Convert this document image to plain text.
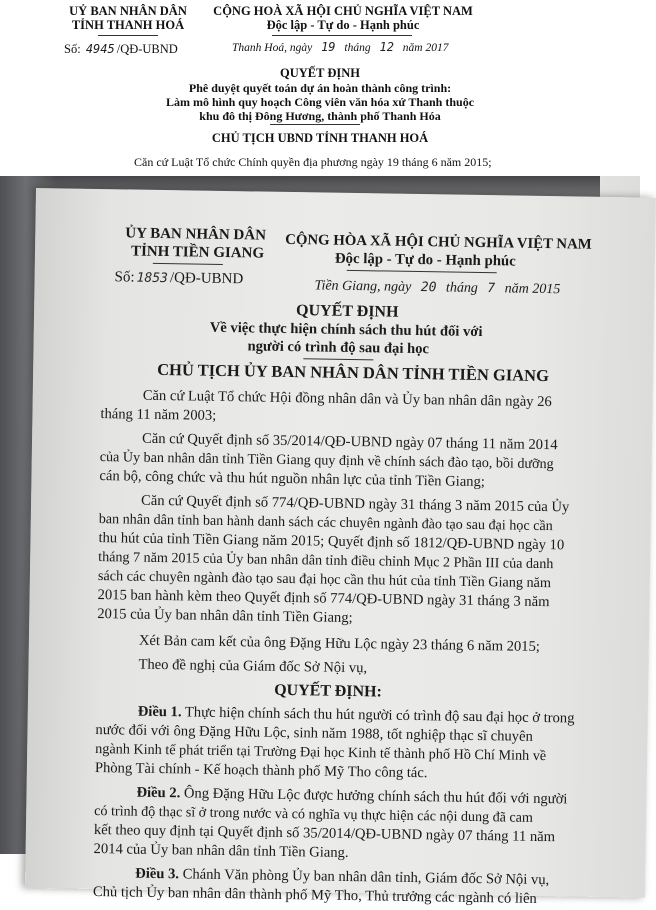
UỶ BAN NHÂN DÂN
TỈNH THANH HOÁ
Số: 4945 /QĐ-UBND
CỘNG HOÀ XÃ HỘI CHỦ NGHĨA VIỆT NAM
Độc lập - Tự do - Hạnh phúc
Thanh Hoá, ngày 19 tháng 12 năm 2017
QUYẾT ĐỊNH
Phê duyệt quyết toán dự án hoàn thành công trình:
Làm mô hình quy hoạch Công viên văn hóa xứ Thanh thuộc
khu đô thị Đông Hương, thành phố Thanh Hóa
CHỦ TỊCH UBND TỈNH THANH HOÁ
Căn cứ Luật Tổ chức Chính quyền địa phương ngày 19 tháng 6 năm 2015;
ỦY BAN NHÂN DÂN
TỈNH TIỀN GIANG
Số: 1853 /QĐ-UBND
CỘNG HÒA XÃ HỘI CHỦ NGHĨA VIỆT NAM
Độc lập - Tự do - Hạnh phúc
Tiền Giang, ngày 20 tháng 7 năm 2015
QUYẾT ĐỊNH
Về việc thực hiện chính sách thu hút đối với
người có trình độ sau đại học
CHỦ TỊCH ỦY BAN NHÂN DÂN TỈNH TIỀN GIANG
Căn cứ Luật Tổ chức Hội đồng nhân dân và Ủy ban nhân dân ngày 26
tháng 11 năm 2003;
Căn cứ Quyết định số 35/2014/QĐ-UBND ngày 07 tháng 11 năm 2014
của Ủy ban nhân dân tỉnh Tiền Giang quy định về chính sách đào tạo, bồi dưỡng
cán bộ, công chức và thu hút nguồn nhân lực của tỉnh Tiền Giang;
Căn cứ Quyết định số 774/QĐ-UBND ngày 31 tháng 3 năm 2015 của Ủy
ban nhân dân tỉnh ban hành danh sách các chuyên ngành đào tạo sau đại học cần
thu hút của tỉnh Tiền Giang năm 2015; Quyết định số 1812/QĐ-UBND ngày 10
tháng 7 năm 2015 của Ủy ban nhân dân tỉnh điều chỉnh Mục 2 Phần III của danh
sách các chuyên ngành đào tạo sau đại học cần thu hút của tỉnh Tiền Giang năm
2015 ban hành kèm theo Quyết định số 774/QĐ-UBND ngày 31 tháng 3 năm
2015 của Ủy ban nhân dân tỉnh Tiền Giang;
Xét Bản cam kết của ông Đặng Hữu Lộc ngày 23 tháng 6 năm 2015;
Theo đề nghị của Giám đốc Sở Nội vụ,
QUYẾT ĐỊNH:
Điều 1. Thực hiện chính sách thu hút người có trình độ sau đại học ở trong
nước đối với ông Đặng Hữu Lộc, sinh năm 1988, tốt nghiệp thạc sĩ chuyên
ngành Kinh tế phát triển tại Trường Đại học Kinh tế thành phố Hồ Chí Minh về
Phòng Tài chính - Kế hoạch thành phố Mỹ Tho công tác.
Điều 2. Ông Đặng Hữu Lộc được hưởng chính sách thu hút đối với người
có trình độ thạc sĩ ở trong nước và có nghĩa vụ thực hiện các nội dung đã cam
kết theo quy định tại Quyết định số 35/2014/QĐ-UBND ngày 07 tháng 11 năm
2014 của Ủy ban nhân dân tỉnh Tiền Giang.
Điều 3. Chánh Văn phòng Ủy ban nhân dân tỉnh, Giám đốc Sở Nội vụ,
Chủ tịch Ủy ban nhân dân thành phố Mỹ Tho, Thủ trưởng các ngành có liên
